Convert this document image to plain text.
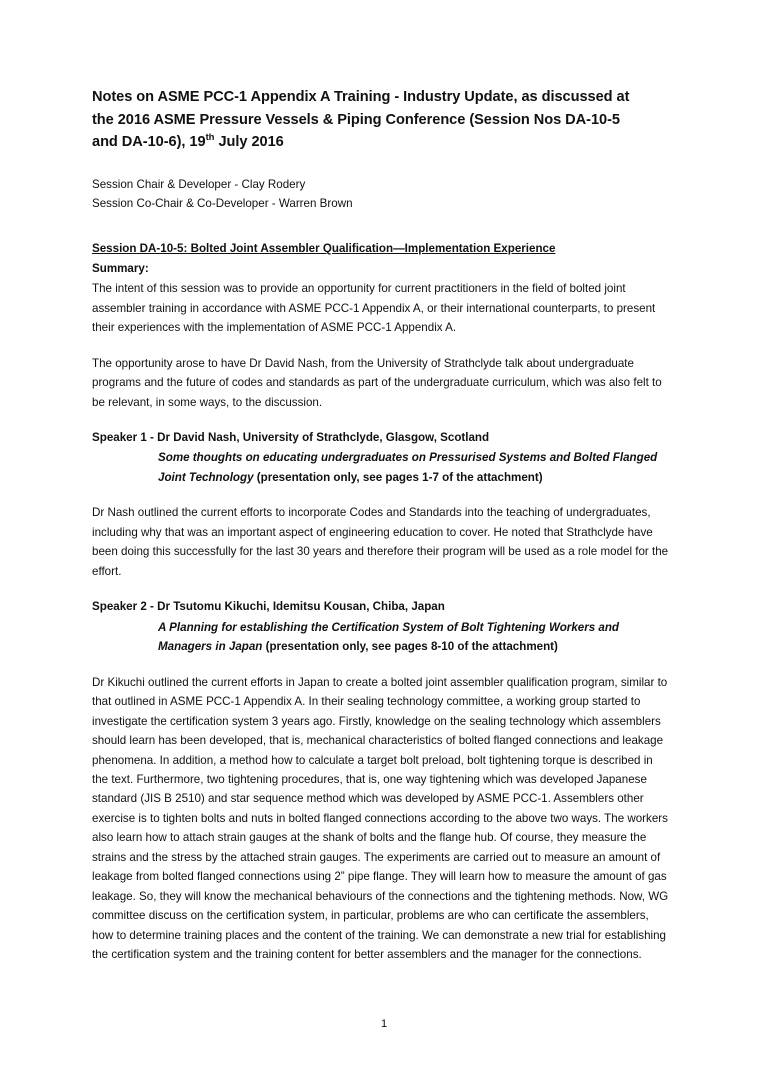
Notes on ASME PCC-1 Appendix A Training - Industry Update, as discussed at
the 2016 ASME Pressure Vessels & Piping Conference (Session Nos DA-10-5
and DA-10-6), 19th July 2016
Session Chair & Developer - Clay Rodery
Session Co-Chair & Co-Developer - Warren Brown
Session DA-10-5: Bolted Joint Assembler Qualification—Implementation Experience
Summary:

The intent of this session was to provide an opportunity for current practitioners in the field of bolted joint assembler training in accordance with ASME PCC-1 Appendix A, or their international counterparts, to present their experiences with the implementation of ASME PCC-1 Appendix A.

The opportunity arose to have Dr David Nash, from the University of Strathclyde talk about undergraduate programs and the future of codes and standards as part of the undergraduate curriculum, which was also felt to be relevant, in some ways, to the discussion.

Speaker 1 - Dr David Nash, University of Strathclyde, Glasgow, Scotland
Some thoughts on educating undergraduates on Pressurised Systems and Bolted Flanged Joint Technology (presentation only, see pages 1-7 of the attachment)

Dr Nash outlined the current efforts to incorporate Codes and Standards into the teaching of undergraduates, including why that was an important aspect of engineering education to cover. He noted that Strathclyde have been doing this successfully for the last 30 years and therefore their program will be used as a role model for the effort.

Speaker 2 - Dr Tsutomu Kikuchi, Idemitsu Kousan, Chiba, Japan
A Planning for establishing the Certification System of Bolt Tightening Workers and Managers in Japan (presentation only, see pages 8-10 of the attachment)

Dr Kikuchi outlined the current efforts in Japan to create a bolted joint assembler qualification program, similar to that outlined in ASME PCC-1 Appendix A. In their sealing technology committee, a working group started to investigate the certification system 3 years ago. Firstly, knowledge on the sealing technology which assemblers should learn has been developed, that is, mechanical characteristics of bolted flanged connections and leakage phenomena. In addition, a method how to calculate a target bolt preload, bolt tightening torque is described in the text. Furthermore, two tightening procedures, that is, one way tightening which was developed Japanese standard (JIS B 2510) and star sequence method which was developed by ASME PCC-1. Assemblers other exercise is to tighten bolts and nuts in bolted flanged connections according to the above two ways. The workers also learn how to attach strain gauges at the shank of bolts and the flange hub. Of course, they measure the strains and the stress by the attached strain gauges. The experiments are carried out to measure an amount of leakage from bolted flanged connections using 2” pipe flange. They will learn how to measure the amount of gas leakage. So, they will know the mechanical behaviours of the connections and the tightening methods. Now, WG committee discuss on the certification system, in particular, problems are who can certificate the assemblers, how to determine training places and the content of the training. We can demonstrate a new trial for establishing the certification system and the training content for better assemblers and the manager for the connections.

1
